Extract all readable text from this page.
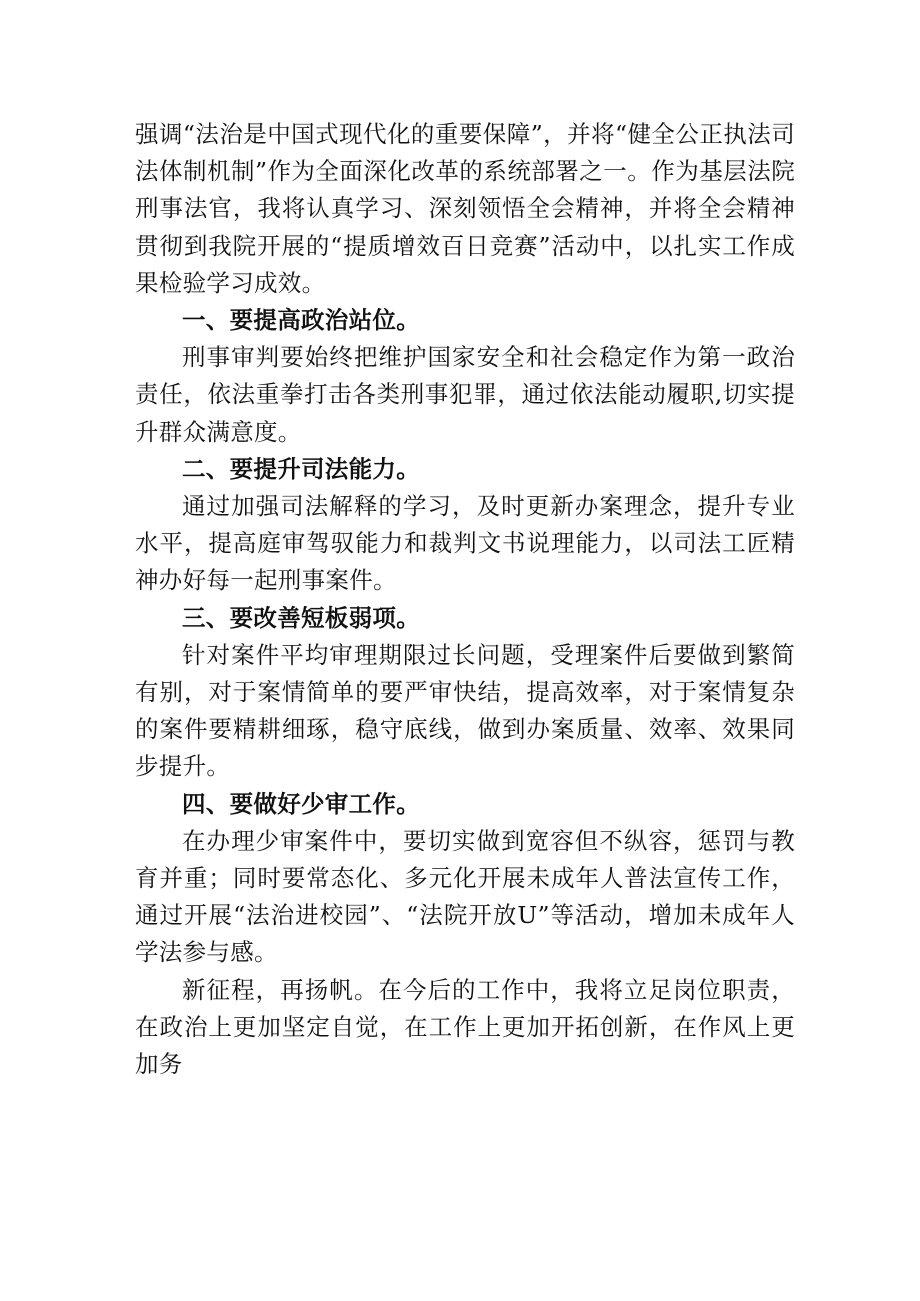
强调“法治是中国式现代化的重要保障”，并将“健全公正执法司法体制机制”作为全面深化改革的系统部署之一。作为基层法院刑事法官，我将认真学习、深刻领悟全会精神，并将全会精神贯彻到我院开展的“提质增效百日竞赛”活动中，以扎实工作成果检验学习成效。

一、要提高政治站位。

刑事审判要始终把维护国家安全和社会稳定作为第一政治责任，依法重拳打击各类刑事犯罪，通过依法能动履职,切实提升群众满意度。

二、要提升司法能力。

通过加强司法解释的学习，及时更新办案理念，提升专业水平，提高庭审驾驭能力和裁判文书说理能力，以司法工匠精神办好每一起刑事案件。

三、要改善短板弱项。

针对案件平均审理期限过长问题，受理案件后要做到繁简有别，对于案情简单的要严审快结，提高效率，对于案情复杂的案件要精耕细琢，稳守底线，做到办案质量、效率、效果同步提升。

四、要做好少审工作。

在办理少审案件中，要切实做到宽容但不纵容，惩罚与教育并重；同时要常态化、多元化开展未成年人普法宣传工作，通过开展“法治进校园”、“法院开放U”等活动，增加未成年人学法参与感。

新征程，再扬帆。在今后的工作中，我将立足岗位职责，在政治上更加坚定自觉，在工作上更加开拓创新，在作风上更加务
